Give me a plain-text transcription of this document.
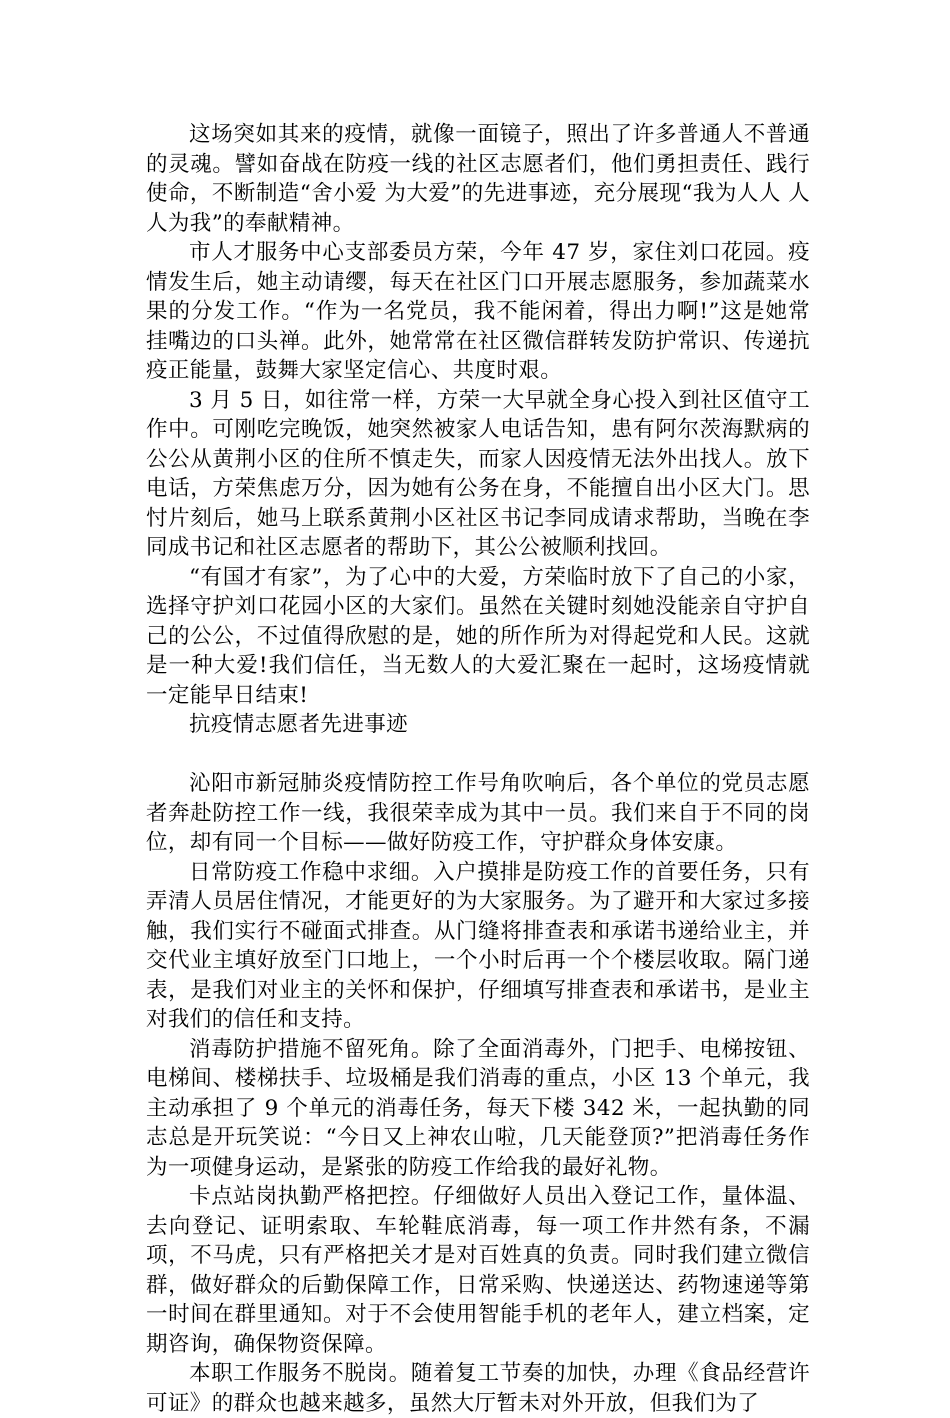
这场突如其来的疫情，就像一面镜子，照出了许多普通人不普通的灵魂。譬如奋战在防疫一线的社区志愿者们，他们勇担责任、践行使命，不断制造“舍小爱 为大爱”的先进事迹，充分展现“我为人人 人人为我”的奉献精神。

市人才服务中心支部委员方荣，今年 47 岁，家住刘口花园。疫情发生后，她主动请缨，每天在社区门口开展志愿服务，参加蔬菜水果的分发工作。“作为一名党员，我不能闲着，得出力啊!”这是她常挂嘴边的口头禅。此外，她常常在社区微信群转发防护常识、传递抗疫正能量，鼓舞大家坚定信心、共度时艰。

3 月 5 日，如往常一样，方荣一大早就全身心投入到社区值守工作中。可刚吃完晚饭，她突然被家人电话告知，患有阿尔茨海默病的公公从黄荆小区的住所不慎走失，而家人因疫情无法外出找人。放下电话，方荣焦虑万分，因为她有公务在身，不能擅自出小区大门。思忖片刻后，她马上联系黄荆小区社区书记李同成请求帮助，当晚在李同成书记和社区志愿者的帮助下，其公公被顺利找回。

“有国才有家”，为了心中的大爱，方荣临时放下了自己的小家，选择守护刘口花园小区的大家们。虽然在关键时刻她没能亲自守护自己的公公，不过值得欣慰的是，她的所作所为对得起党和人民。这就是一种大爱!我们信任，当无数人的大爱汇聚在一起时，这场疫情就一定能早日结束!

抗疫情志愿者先进事迹

沁阳市新冠肺炎疫情防控工作号角吹响后，各个单位的党员志愿者奔赴防控工作一线，我很荣幸成为其中一员。我们来自于不同的岗位，却有同一个目标——做好防疫工作，守护群众身体安康。

日常防疫工作稳中求细。入户摸排是防疫工作的首要任务，只有弄清人员居住情况，才能更好的为大家服务。为了避开和大家过多接触，我们实行不碰面式排查。从门缝将排查表和承诺书递给业主，并交代业主填好放至门口地上，一个小时后再一个个楼层收取。隔门递表，是我们对业主的关怀和保护，仔细填写排查表和承诺书，是业主对我们的信任和支持。

消毒防护措施不留死角。除了全面消毒外，门把手、电梯按钮、电梯间、楼梯扶手、垃圾桶是我们消毒的重点，小区 13 个单元，我主动承担了 9 个单元的消毒任务，每天下楼 342 米，一起执勤的同志总是开玩笑说：“今日又上神农山啦，几天能登顶?”把消毒任务作为一项健身运动，是紧张的防疫工作给我的最好礼物。

卡点站岗执勤严格把控。仔细做好人员出入登记工作，量体温、去向登记、证明索取、车轮鞋底消毒，每一项工作井然有条，不漏项，不马虎，只有严格把关才是对百姓真的负责。同时我们建立微信群，做好群众的后勤保障工作，日常采购、快递送达、药物速递等第一时间在群里通知。对于不会使用智能手机的老年人，建立档案，定期咨询，确保物资保障。

本职工作服务不脱岗。随着复工节奏的加快，办理《食品经营许可证》的群众也越来越多，虽然大厅暂未对外开放，但我们为了
